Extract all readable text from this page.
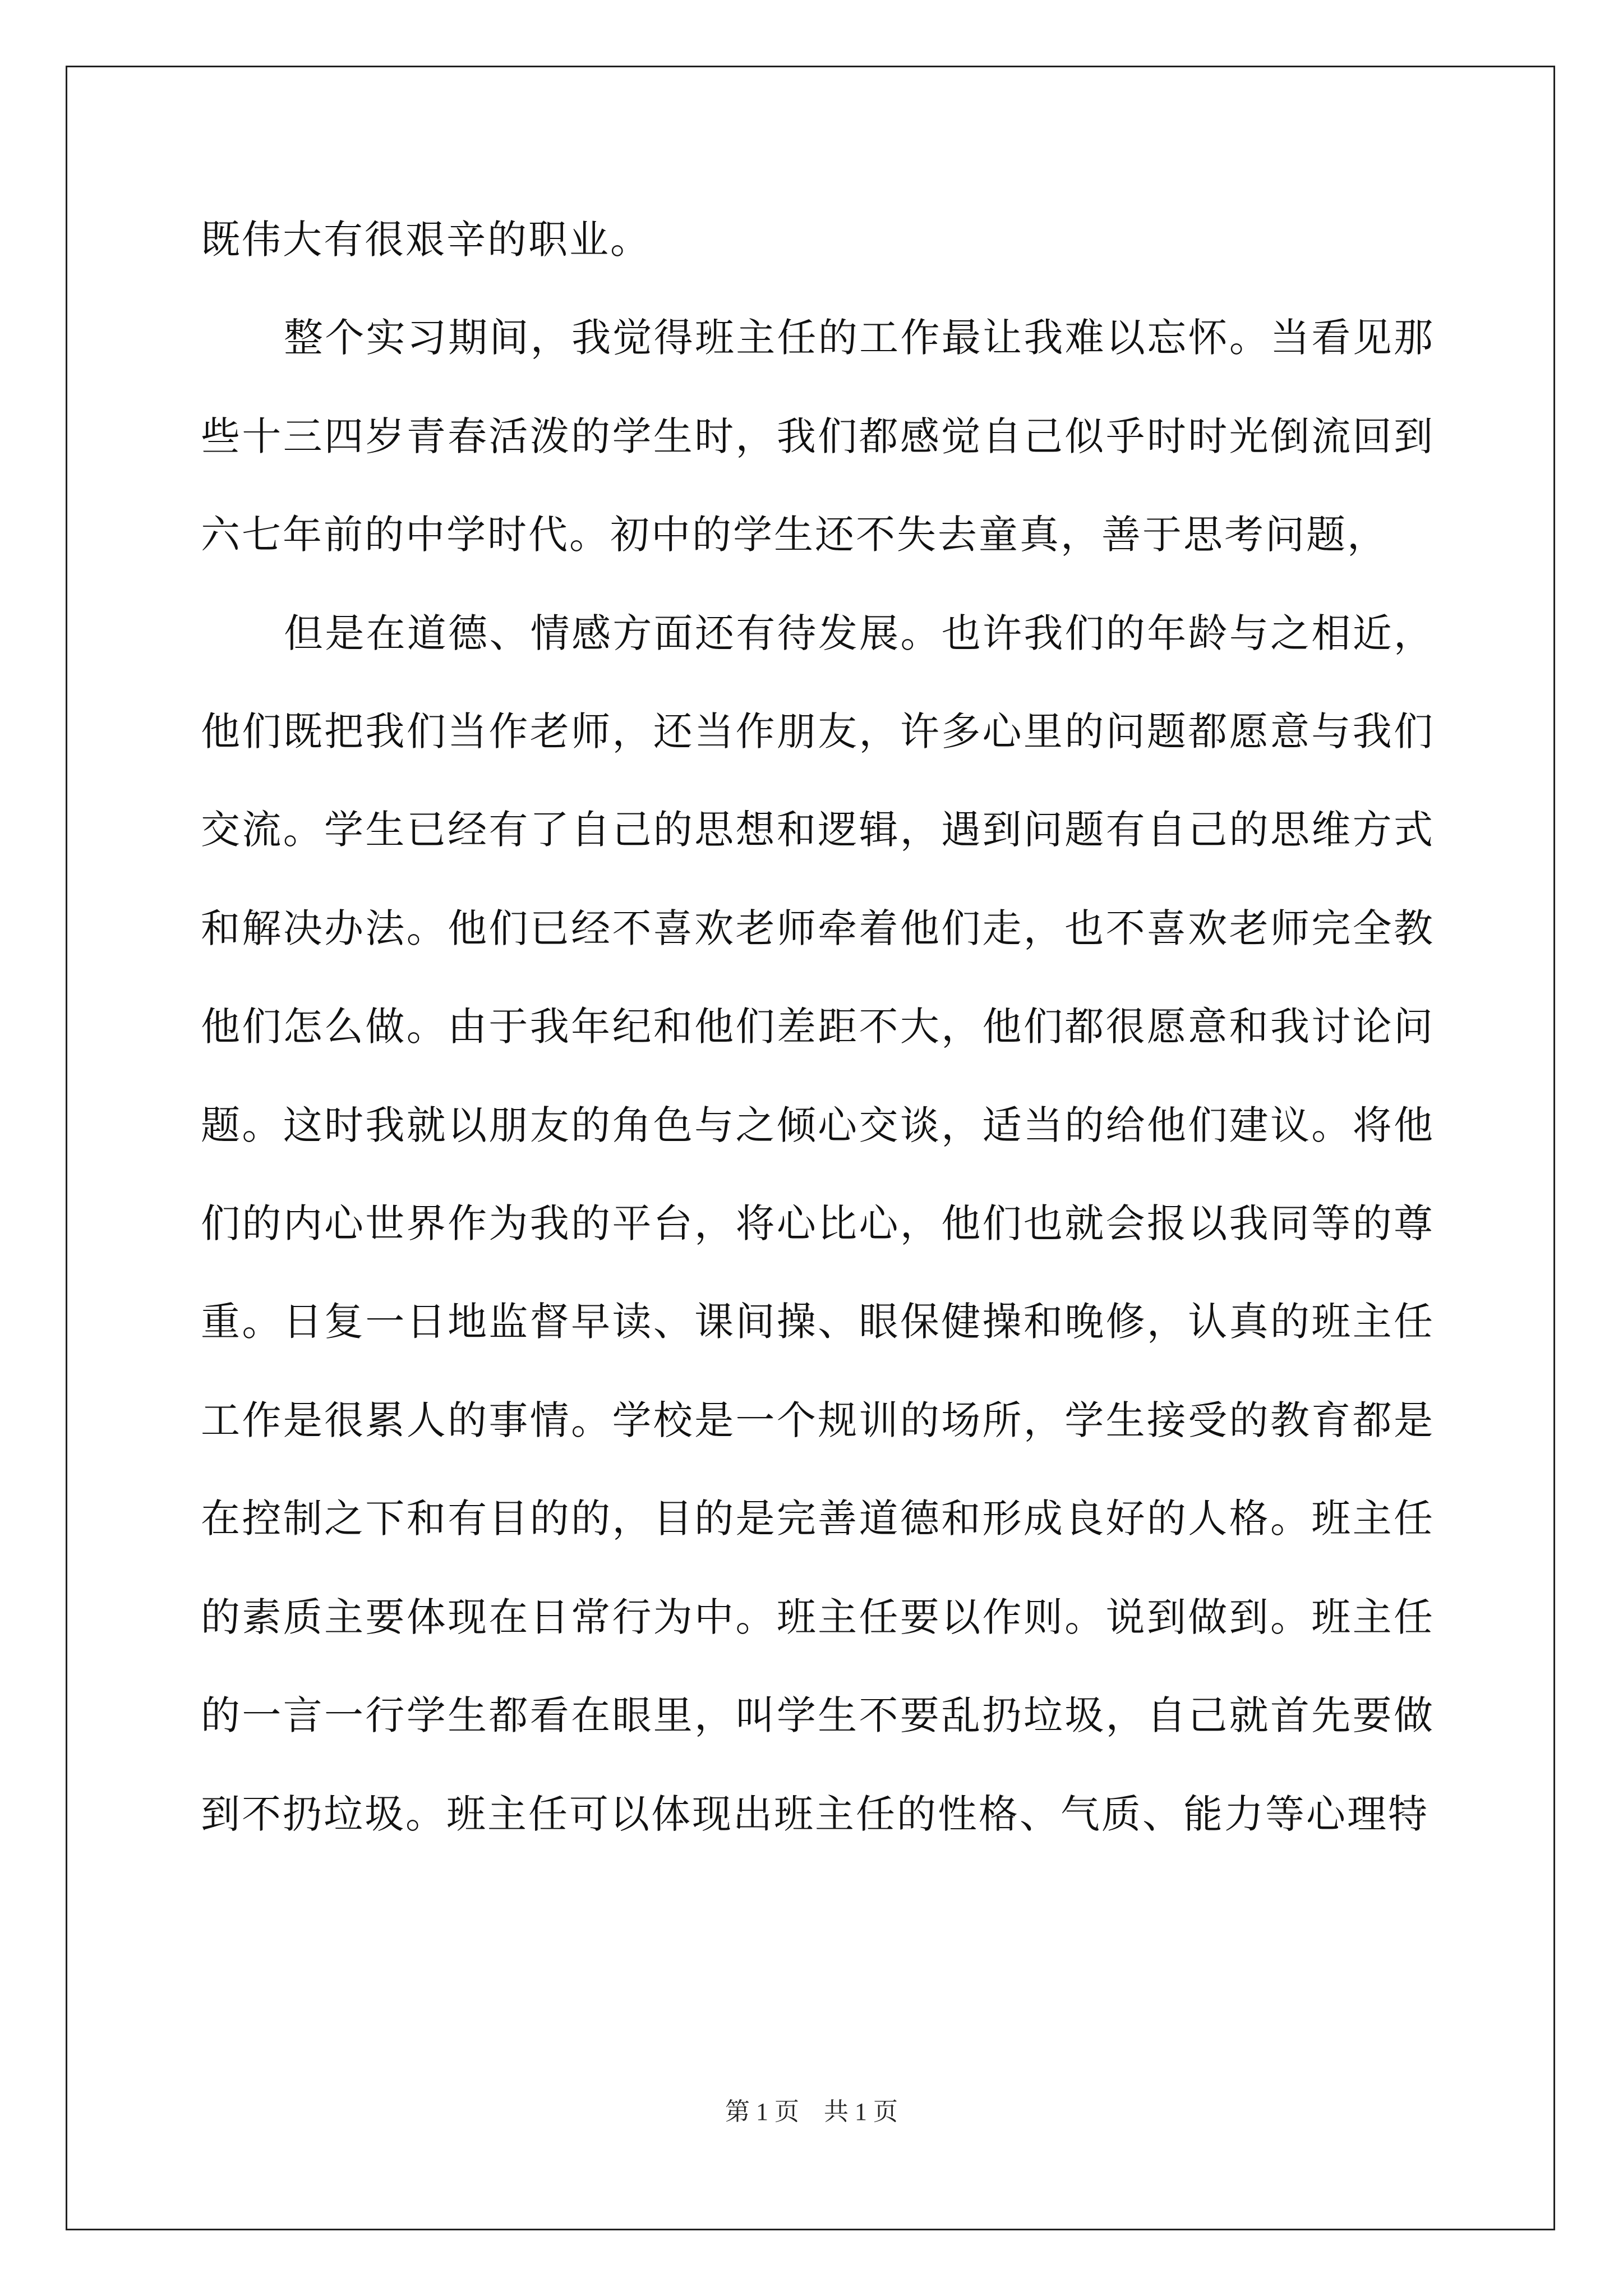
既伟大有很艰辛的职业。

整个实习期间，我觉得班主任的工作最让我难以忘怀。当看见那些十三四岁青春活泼的学生时，我们都感觉自己似乎时时光倒流回到六七年前的中学时代。初中的学生还不失去童真，善于思考问题，

但是在道德、情感方面还有待发展。也许我们的年龄与之相近，他们既把我们当作老师，还当作朋友，许多心里的问题都愿意与我们交流。学生已经有了自己的思想和逻辑，遇到问题有自己的思维方式和解决办法。他们已经不喜欢老师牵着他们走，也不喜欢老师完全教他们怎么做。由于我年纪和他们差距不大，他们都很愿意和我讨论问题。这时我就以朋友的角色与之倾心交谈，适当的给他们建议。将他们的内心世界作为我的平台，将心比心，他们也就会报以我同等的尊重。日复一日地监督早读、课间操、眼保健操和晚修，认真的班主任工作是很累人的事情。学校是一个规训的场所，学生接受的教育都是在控制之下和有目的的，目的是完善道德和形成良好的人格。班主任的素质主要体现在日常行为中。班主任要以作则。说到做到。班主任的一言一行学生都看在眼里，叫学生不要乱扔垃圾，自己就首先要做到不扔垃圾。班主任可以体现出班主任的性格、气质、能力等心理特

第 1 页    共 1 页
